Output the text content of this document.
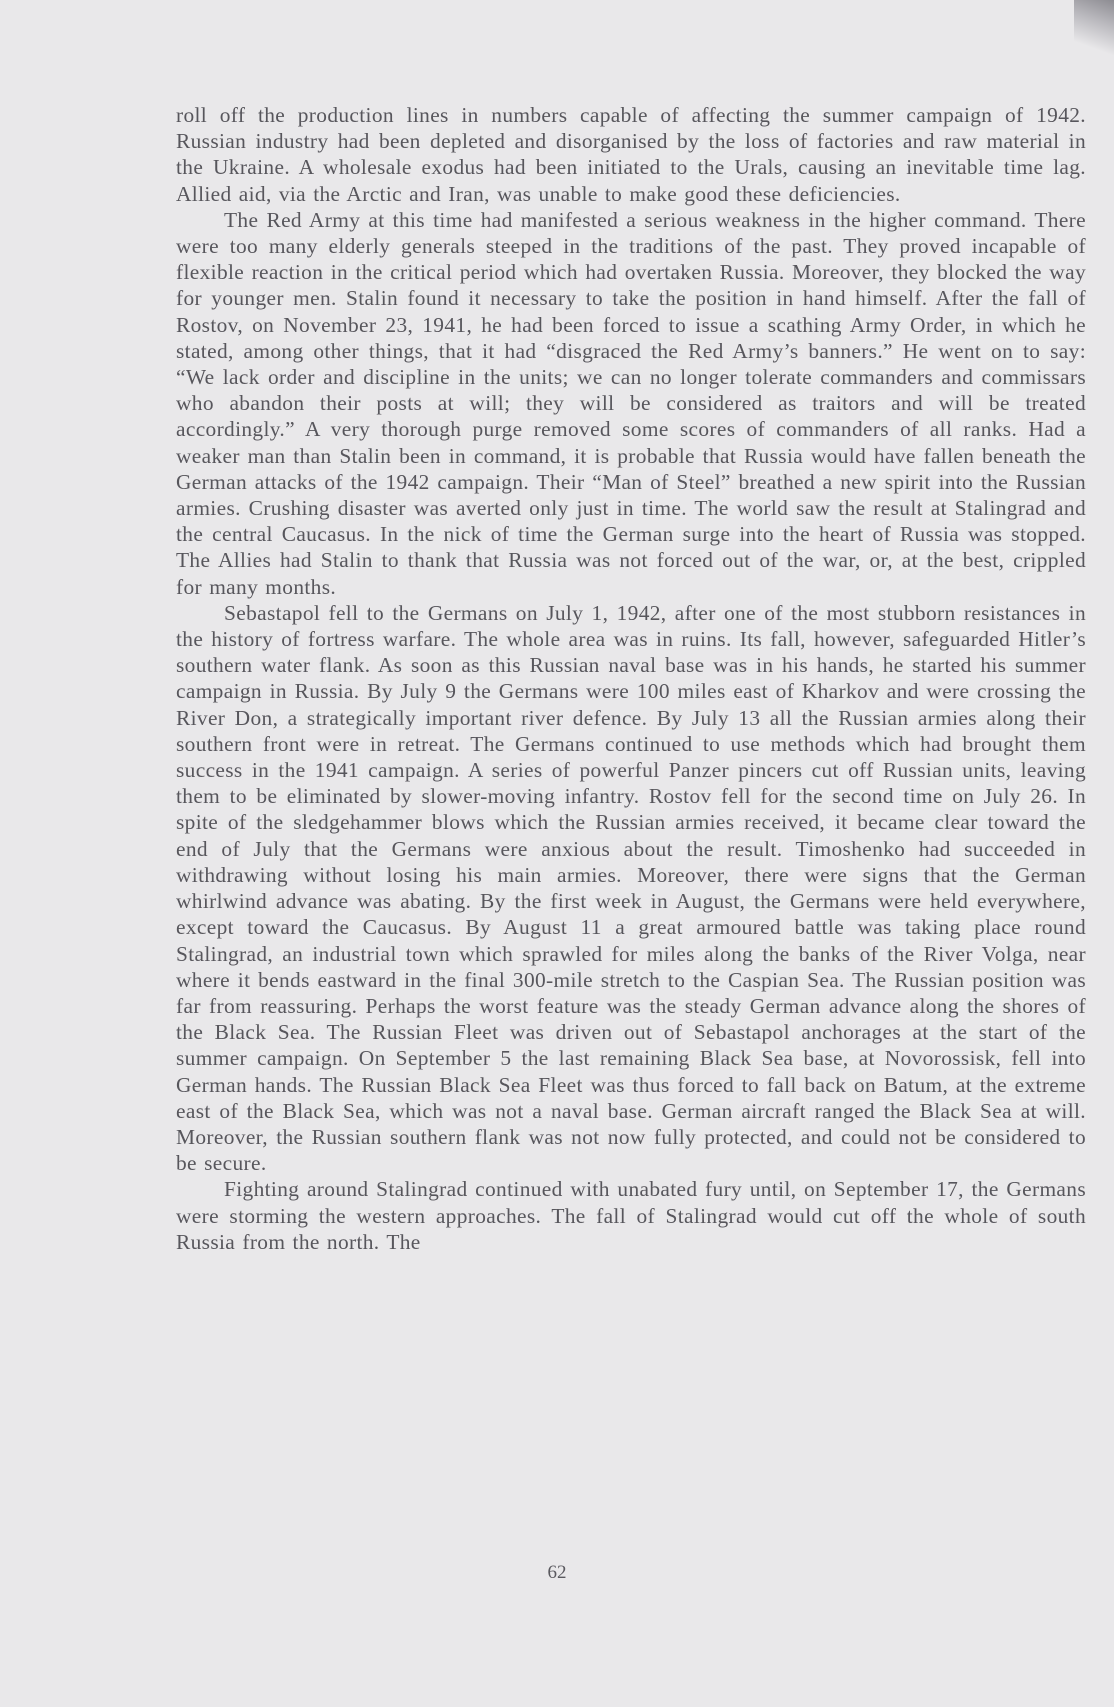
roll off the production lines in numbers capable of affecting the summer campaign of 1942. Russian industry had been depleted and disorganised by the loss of factories and raw material in the Ukraine. A wholesale exodus had been initiated to the Urals, causing an inevitable time lag. Allied aid, via the Arctic and Iran, was unable to make good these deficiencies.

The Red Army at this time had manifested a serious weakness in the higher command. There were too many elderly generals steeped in the traditions of the past. They proved incapable of flexible reaction in the critical period which had overtaken Russia. Moreover, they blocked the way for younger men. Stalin found it necessary to take the position in hand himself. After the fall of Rostov, on November 23, 1941, he had been forced to issue a scathing Army Order, in which he stated, among other things, that it had “disgraced the Red Army’s banners.” He went on to say: “We lack order and discipline in the units; we can no longer tolerate commanders and commissars who abandon their posts at will; they will be considered as traitors and will be treated accordingly.” A very thorough purge removed some scores of commanders of all ranks. Had a weaker man than Stalin been in command, it is probable that Russia would have fallen beneath the German attacks of the 1942 campaign. Their “Man of Steel” breathed a new spirit into the Russian armies. Crushing disaster was averted only just in time. The world saw the result at Stalingrad and the central Caucasus. In the nick of time the German surge into the heart of Russia was stopped. The Allies had Stalin to thank that Russia was not forced out of the war, or, at the best, crippled for many months.

Sebastapol fell to the Germans on July 1, 1942, after one of the most stubborn resistances in the history of fortress warfare. The whole area was in ruins. Its fall, however, safeguarded Hitler’s southern water flank. As soon as this Russian naval base was in his hands, he started his summer campaign in Russia. By July 9 the Germans were 100 miles east of Kharkov and were crossing the River Don, a strategically important river defence. By July 13 all the Russian armies along their southern front were in retreat. The Germans continued to use methods which had brought them success in the 1941 campaign. A series of powerful Panzer pincers cut off Russian units, leaving them to be eliminated by slower-moving infantry. Rostov fell for the second time on July 26. In spite of the sledgehammer blows which the Russian armies received, it became clear toward the end of July that the Germans were anxious about the result. Timoshenko had succeeded in withdrawing without losing his main armies. Moreover, there were signs that the German whirlwind advance was abating. By the first week in August, the Germans were held everywhere, except toward the Caucasus. By August 11 a great armoured battle was taking place round Stalingrad, an industrial town which sprawled for miles along the banks of the River Volga, near where it bends eastward in the final 300-mile stretch to the Caspian Sea. The Russian position was far from reassuring. Perhaps the worst feature was the steady German advance along the shores of the Black Sea. The Russian Fleet was driven out of Sebastapol anchorages at the start of the summer campaign. On September 5 the last remaining Black Sea base, at Novorossisk, fell into German hands. The Russian Black Sea Fleet was thus forced to fall back on Batum, at the extreme east of the Black Sea, which was not a naval base. German aircraft ranged the Black Sea at will. Moreover, the Russian southern flank was not now fully protected, and could not be considered to be secure.

Fighting around Stalingrad continued with unabated fury until, on September 17, the Germans were storming the western approaches. The fall of Stalingrad would cut off the whole of south Russia from the north. The

62
